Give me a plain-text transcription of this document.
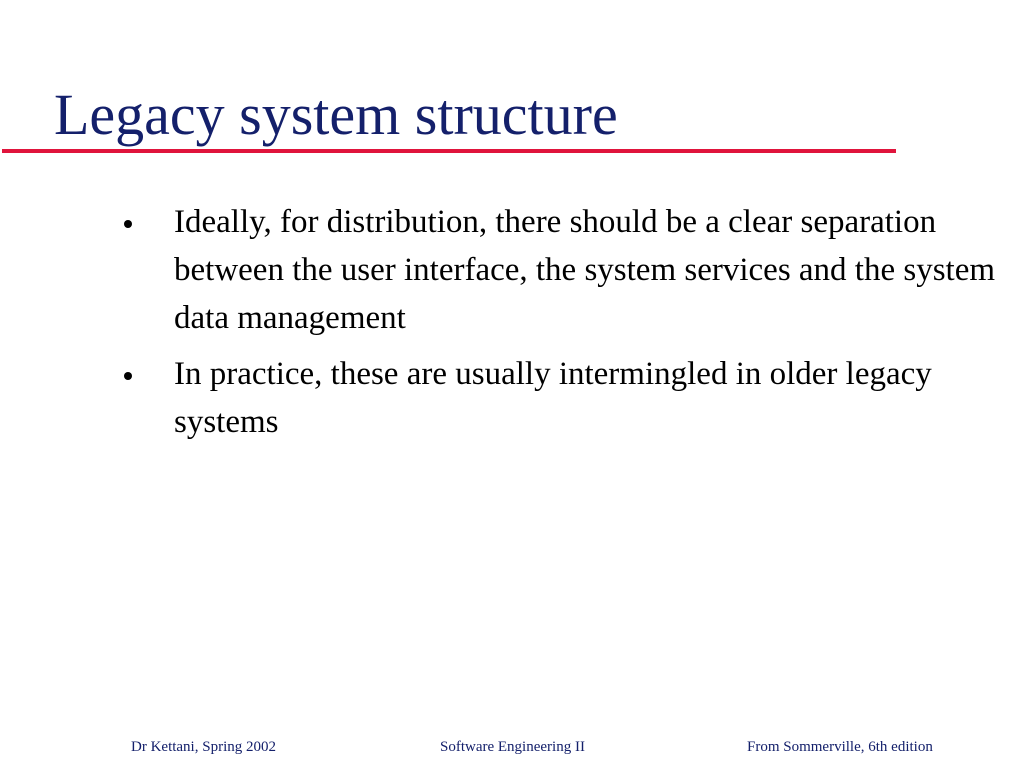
Legacy system structure
Ideally, for distribution, there should be a clear separation between the user interface, the system services and the system data management
In practice, these are usually intermingled in older legacy systems
Dr Kettani, Spring 2002	Software Engineering II	From Sommerville, 6th edition
